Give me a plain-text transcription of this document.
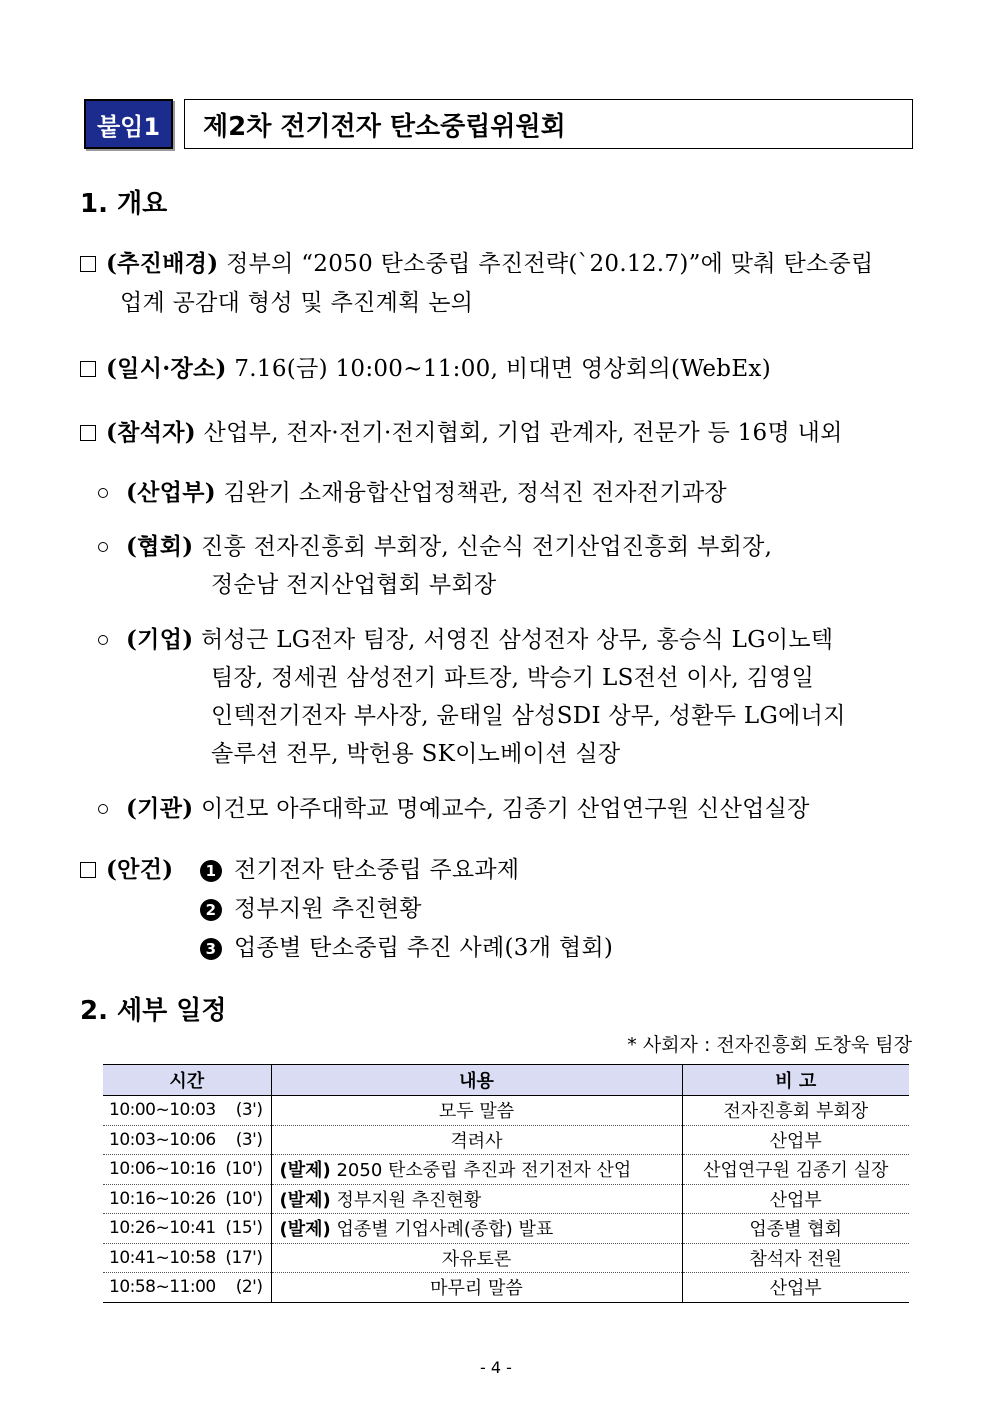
붙임1	제2차 전기전자 탄소중립위원회
1. 개요
(추진배경) 정부의 “2050 탄소중립 추진전략(`20.12.7)”에 맞춰 탄소중립
업계 공감대 형성 및 추진계획 논의
(일시·장소) 7.16(금) 10:00~11:00, 비대면 영상회의(WebEx)
(참석자) 산업부, 전자·전기·전지협회, 기업 관계자, 전문가 등 16명 내외
(산업부) 김완기 소재융합산업정책관, 정석진 전자전기과장
(협회) 진흥 전자진흥회 부회장, 신순식 전기산업진흥회 부회장,
정순남 전지산업협회 부회장
(기업) 허성근 LG전자 팀장, 서영진 삼성전자 상무, 홍승식 LG이노텍
팀장, 정세권 삼성전기 파트장, 박승기 LS전선 이사, 김영일
인텍전기전자 부사장, 윤태일 삼성SDI 상무, 성환두 LG에너지
솔루션 전무, 박헌용 SK이노베이션 실장
(기관) 이건모 아주대학교 명예교수, 김종기 산업연구원 신산업실장
(안건)	1 전기전자 탄소중립 주요과제
2 정부지원 추진현황
3 업종별 탄소중립 추진 사례(3개 협회)
2. 세부 일정
* 사회자 : 전자진흥회 도창욱 팀장
시간	내용	비 고

10:00~10:03 (3')	모두 말씀	전자진흥회 부회장

10:03~10:06 (3')	격려사	산업부

10:06~10:16 (10')	(발제) 2050 탄소중립 추진과 전기전자 산업	산업연구원 김종기 실장

10:16~10:26 (10')	(발제) 정부지원 추진현황	산업부

10:26~10:41 (15')	(발제) 업종별 기업사례(종합) 발표	업종별 협회

10:41~10:58 (17')	자유토론	참석자 전원

10:58~11:00 (2')	마무리 말씀	산업부
- 4 -
